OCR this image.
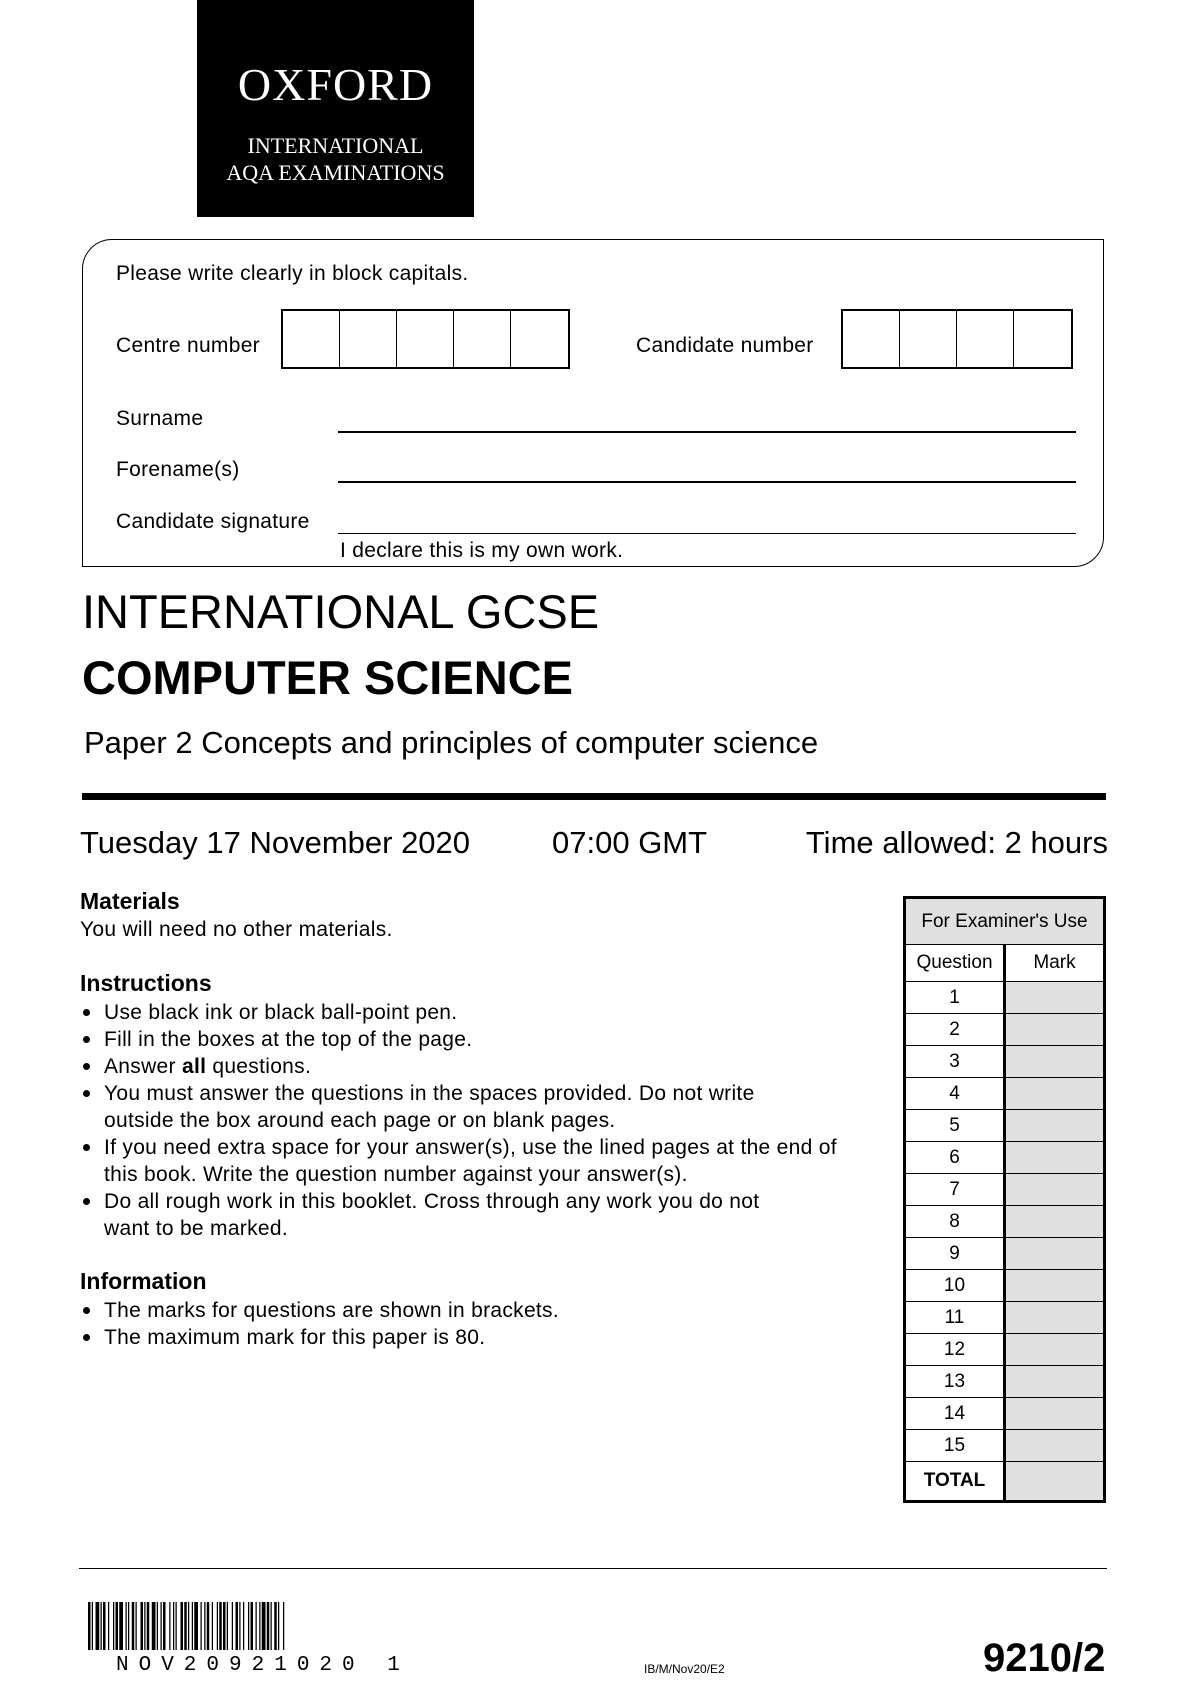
OXFORD
INTERNATIONAL
AQA EXAMINATIONS
Please write clearly in block capitals.
Centre number	Candidate number
Surname
Forename(s)
Candidate signature
I declare this is my own work.
INTERNATIONAL GCSE
COMPUTER SCIENCE
Paper 2 Concepts and principles of computer science
Tuesday 17 November 2020	07:00 GMT	Time allowed: 2 hours
Materials
You will need no other materials.
Instructions
Use black ink or black ball-point pen.
Fill in the boxes at the top of the page.
Answer all questions.
You must answer the questions in the spaces provided. Do not write
outside the box around each page or on blank pages.
If you need extra space for your answer(s), use the lined pages at the end of
this book. Write the question number against your answer(s).
Do all rough work in this booklet. Cross through any work you do not
want to be marked.
Information
The marks for questions are shown in brackets.
The maximum mark for this paper is 80.
For Examiner's Use	
Question	Mark
1	
2	
3	
4	
5	
6	
7	
8	
9	
10	
11	
12	
13	
14	
15	
TOTAL	
NOV20921020 1	IB/M/Nov20/E2	9210/2
